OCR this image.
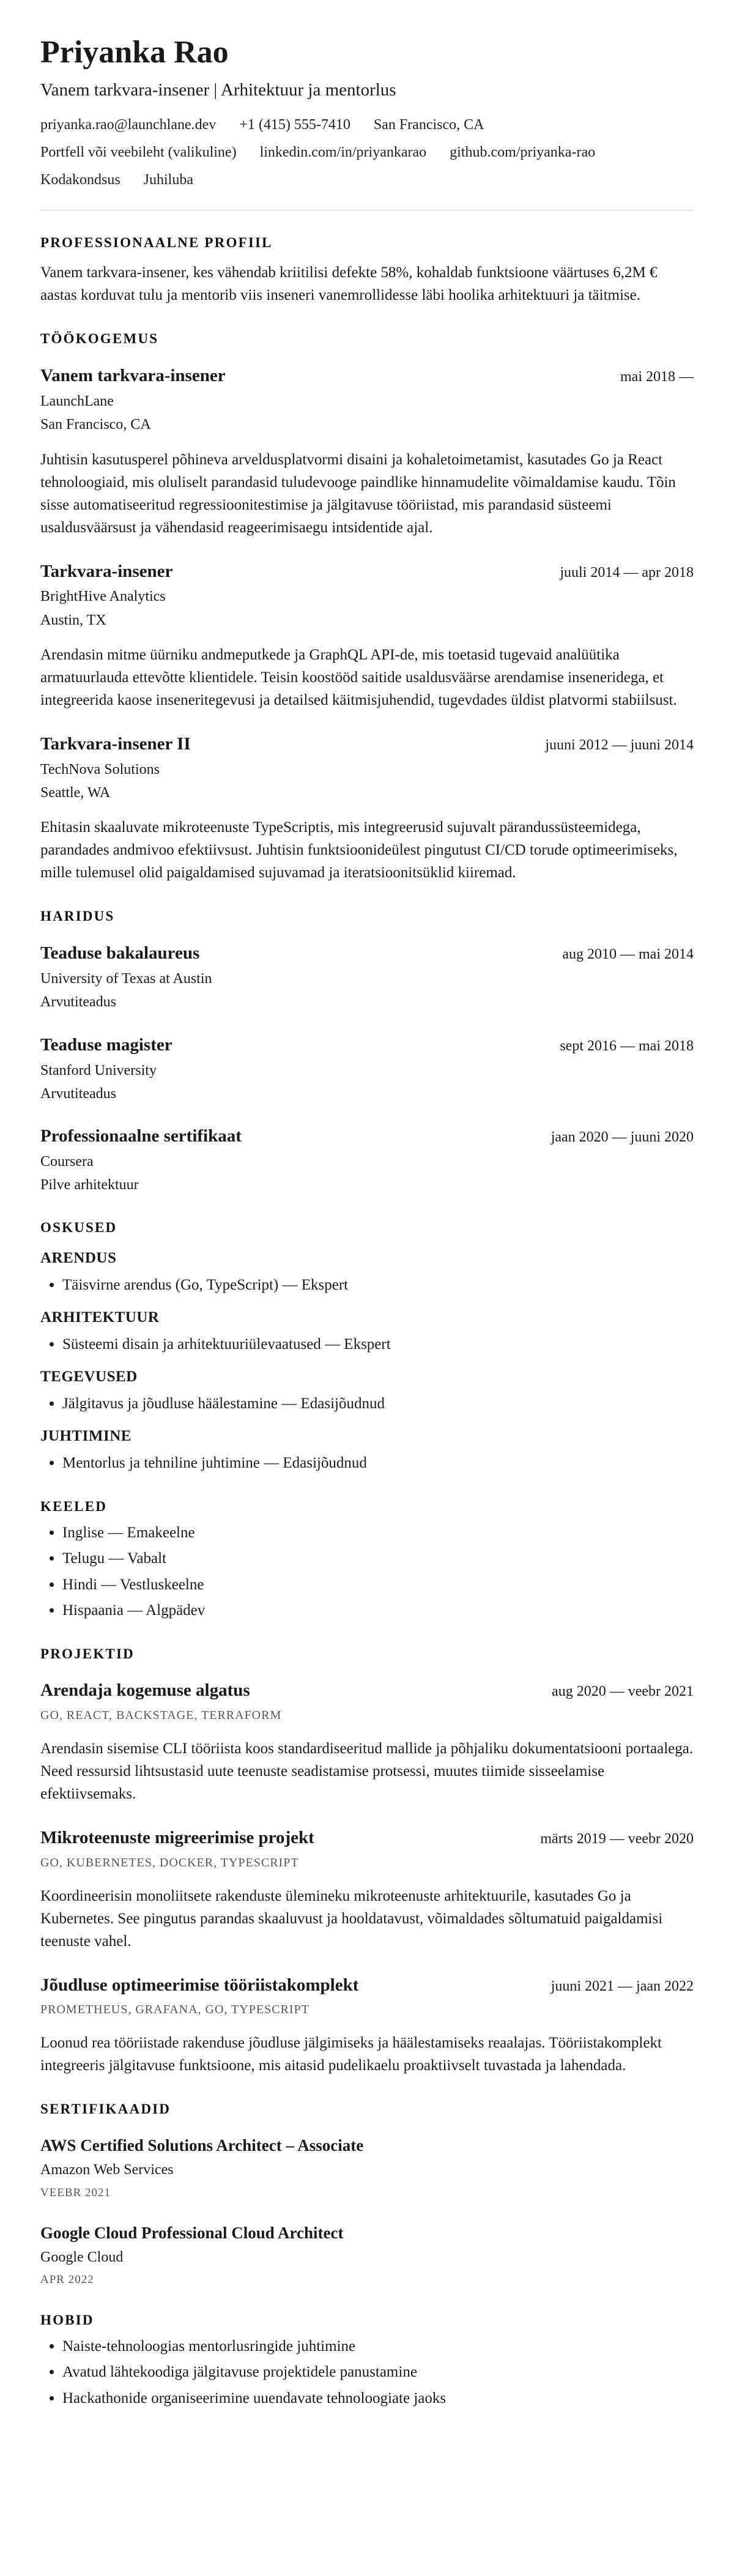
Priyanka Rao
Vanem tarkvara-insener | Arhitektuur ja mentorlus
priyanka.rao@launchlane.dev +1 (415) 555-7410 San Francisco, CA
Portfell või veebileht (valikuline) linkedin.com/in/priyankarao github.com/priyanka-rao
Kodakondsus Juhiluba
PROFESSIONAALNE PROFIIL

Vanem tarkvara-insener, kes vähendab kriitilisi defekte 58%, kohaldab funktsioone väärtuses 6,2M € aastas korduvat tulu ja mentorib viis inseneri vanemrollidesse läbi hoolika arhitektuuri ja täitmise.

TÖÖKOGEMUS
Vanem tarkvara-insener	mai 2018 —
LaunchLane
San Francisco, CA

Juhtisin kasutusperel põhineva arveldusplatvormi disaini ja kohaletoimetamist, kasutades Go ja React tehnoloogiaid, mis oluliselt parandasid tuludevooge paindlike hinnamudelite võimaldamise kaudu. Tõin sisse automatiseeritud regressioonitestimise ja jälgitavuse tööriistad, mis parandasid süsteemi usaldusväärsust ja vähendasid reageerimisaegu intsidentide ajal.

Tarkvara-insener	juuli 2014 — apr 2018
BrightHive Analytics
Austin, TX

Arendasin mitme üürniku andmeputkede ja GraphQL API-de, mis toetasid tugevaid analüütika armatuurlauda ettevõtte klientidele. Teisin koostööd saitide usaldusväärse arendamise inseneridega, et integreerida kaose inseneritegevusi ja detailsed käitmisjuhendid, tugevdades üldist platvormi stabiilsust.

Tarkvara-insener II	juuni 2012 — juuni 2014
TechNova Solutions
Seattle, WA

Ehitasin skaaluvate mikroteenuste TypeScriptis, mis integreerusid sujuvalt pärandussüsteemidega, parandades andmivoo efektiivsust. Juhtisin funktsioonideülest pingutust CI/CD torude optimeerimiseks, mille tulemusel olid paigaldamised sujuvamad ja iteratsioonitsüklid kiiremad.

HARIDUS
Teaduse bakalaureus	aug 2010 — mai 2014
University of Texas at Austin
Arvutiteadus
Teaduse magister	sept 2016 — mai 2018
Stanford University
Arvutiteadus
Professionaalne sertifikaat	jaan 2020 — juuni 2020
Coursera
Pilve arhitektuur
OSKUSED
ARENDUS
• Täisvirne arendus (Go, TypeScript) — Ekspert
ARHITEKTUUR
• Süsteemi disain ja arhitektuuriülevaatused — Ekspert
TEGEVUSED
• Jälgitavus ja jõudluse häälestamine — Edasijõudnud
JUHTIMINE
• Mentorlus ja tehniline juhtimine — Edasijõudnud
KEELED
• Inglise — Emakeelne
• Telugu — Vabalt
• Hindi — Vestluskeelne
• Hispaania — Algpädev
PROJEKTID
Arendaja kogemuse algatus	aug 2020 — veebr 2021
GO, REACT, BACKSTAGE, TERRAFORM

Arendasin sisemise CLI tööriista koos standardiseeritud mallide ja põhjaliku dokumentatsiooni portaalega. Need ressursid lihtsustasid uute teenuste seadistamise protsessi, muutes tiimide sisseelamise efektiivsemaks.

Mikroteenuste migreerimise projekt	märts 2019 — veebr 2020
GO, KUBERNETES, DOCKER, TYPESCRIPT

Koordineerisin monoliitsete rakenduste ülemineku mikroteenuste arhitektuurile, kasutades Go ja Kubernetes. See pingutus parandas skaaluvust ja hooldatavust, võimaldades sõltumatuid paigaldamisi teenuste vahel.

Jõudluse optimeerimise tööriistakomplekt	juuni 2021 — jaan 2022
PROMETHEUS, GRAFANA, GO, TYPESCRIPT

Loonud rea tööriistade rakenduse jõudluse jälgimiseks ja häälestamiseks reaalajas. Tööriistakomplekt integreeris jälgitavuse funktsioone, mis aitasid pudelikaelu proaktiivselt tuvastada ja lahendada.

SERTIFIKAADID
AWS Certified Solutions Architect – Associate
Amazon Web Services
VEEBR 2021
Google Cloud Professional Cloud Architect
Google Cloud
APR 2022
HOBID
• Naiste-tehnoloogias mentorlusringide juhtimine
• Avatud lähtekoodiga jälgitavuse projektidele panustamine
• Hackathonide organiseerimine uuendavate tehnoloogiate jaoks
